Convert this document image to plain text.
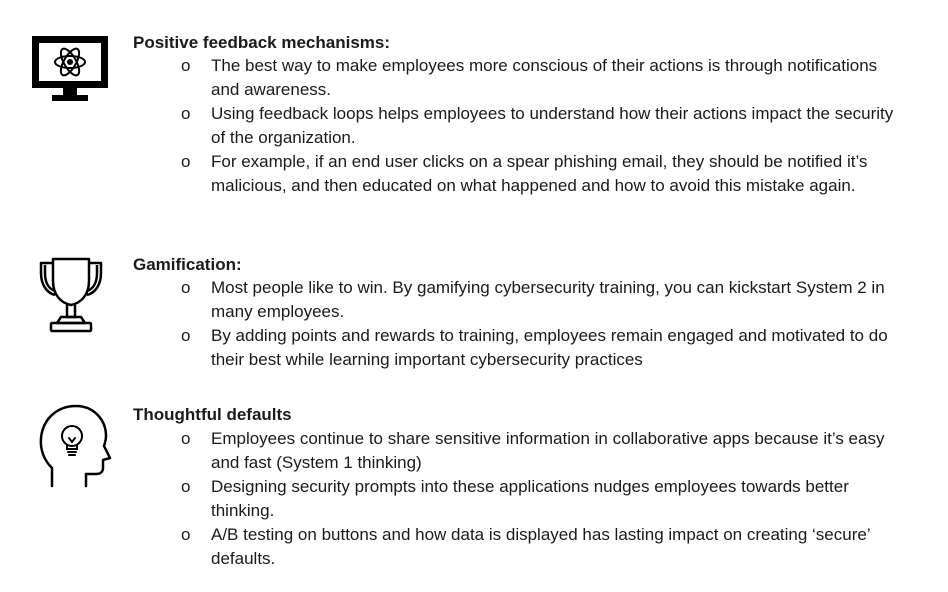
Positive feedback mechanisms:
o The best way to make employees more conscious of their actions is through notifications and awareness.
o Using feedback loops helps employees to understand how their actions impact the security of the organization.
o For example, if an end user clicks on a spear phishing email, they should be notified it’s malicious, and then educated on what happened and how to avoid this mistake again.
Gamification:
o Most people like to win. By gamifying cybersecurity training, you can kickstart System 2 in many employees.
o By adding points and rewards to training, employees remain engaged and motivated to do their best while learning important cybersecurity practices
Thoughtful defaults
o Employees continue to share sensitive information in collaborative apps because it’s easy and fast (System 1 thinking)
o Designing security prompts into these applications nudges employees towards better thinking.
o A/B testing on buttons and how data is displayed has lasting impact on creating ‘secure’ defaults.
